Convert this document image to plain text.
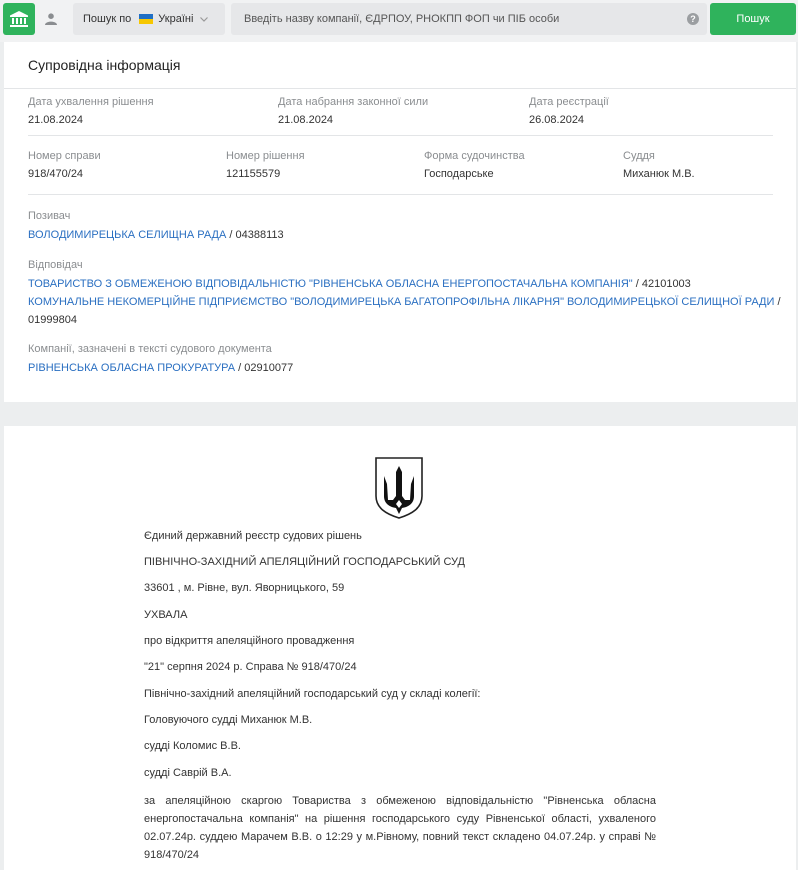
Пошук по Україні
Введіть назву компанії, ЄДРПОУ, РНОКПП ФОП чи ПІБ особи	?	Пошук
Супровідна інформація
Дата ухвалення рішення
21.08.2024
Дата набрання законної сили
21.08.2024
Дата реєстрації
26.08.2024
Номер справи
918/470/24
Номер рішення
121155579
Форма судочинства
Господарське
Суддя
Миханюк М.В.
Позивач
ВОЛОДИМИРЕЦЬКА СЕЛИЩНА РАДА / 04388113
Відповідач
ТОВАРИСТВО З ОБМЕЖЕНОЮ ВІДПОВІДАЛЬНІСТЮ "РІВНЕНСЬКА ОБЛАСНА ЕНЕРГОПОСТАЧАЛЬНА КОМПАНІЯ" / 42101003
КОМУНАЛЬНЕ НЕКОМЕРЦІЙНЕ ПІДПРИЄМСТВО "ВОЛОДИМИРЕЦЬКА БАГАТОПРОФІЛЬНА ЛІКАРНЯ" ВОЛОДИМИРЕЦЬКОЇ СЕЛИЩНОЇ РАДИ /
01999804
Компанії, зазначені в тексті судового документа
РІВНЕНСЬКА ОБЛАСНА ПРОКУРАТУРА / 02910077
Єдиний державний реєстр судових рішень
ПІВНІЧНО-ЗАХІДНИЙ АПЕЛЯЦІЙНИЙ ГОСПОДАРСЬКИЙ СУД
33601 , м. Рівне, вул. Яворницького, 59
УХВАЛА
про відкриття апеляційного провадження
"21" серпня 2024 р. Справа № 918/470/24
Північно-західний апеляційний господарський суд у складі колегії:
Головуючого судді Миханюк М.В.
судді Коломис В.В.
судді Саврій В.А.
за апеляційною скаргою Товариства з обмеженою відповідальністю "Рівненська обласна енергопостачальна компанія" на рішення господарського суду Рівненської області, ухваленого 02.07.24р. суддею Марачем В.В. о 12:29 у м.Рівному, повний текст складено 04.07.24р. у справі № 918/470/24
